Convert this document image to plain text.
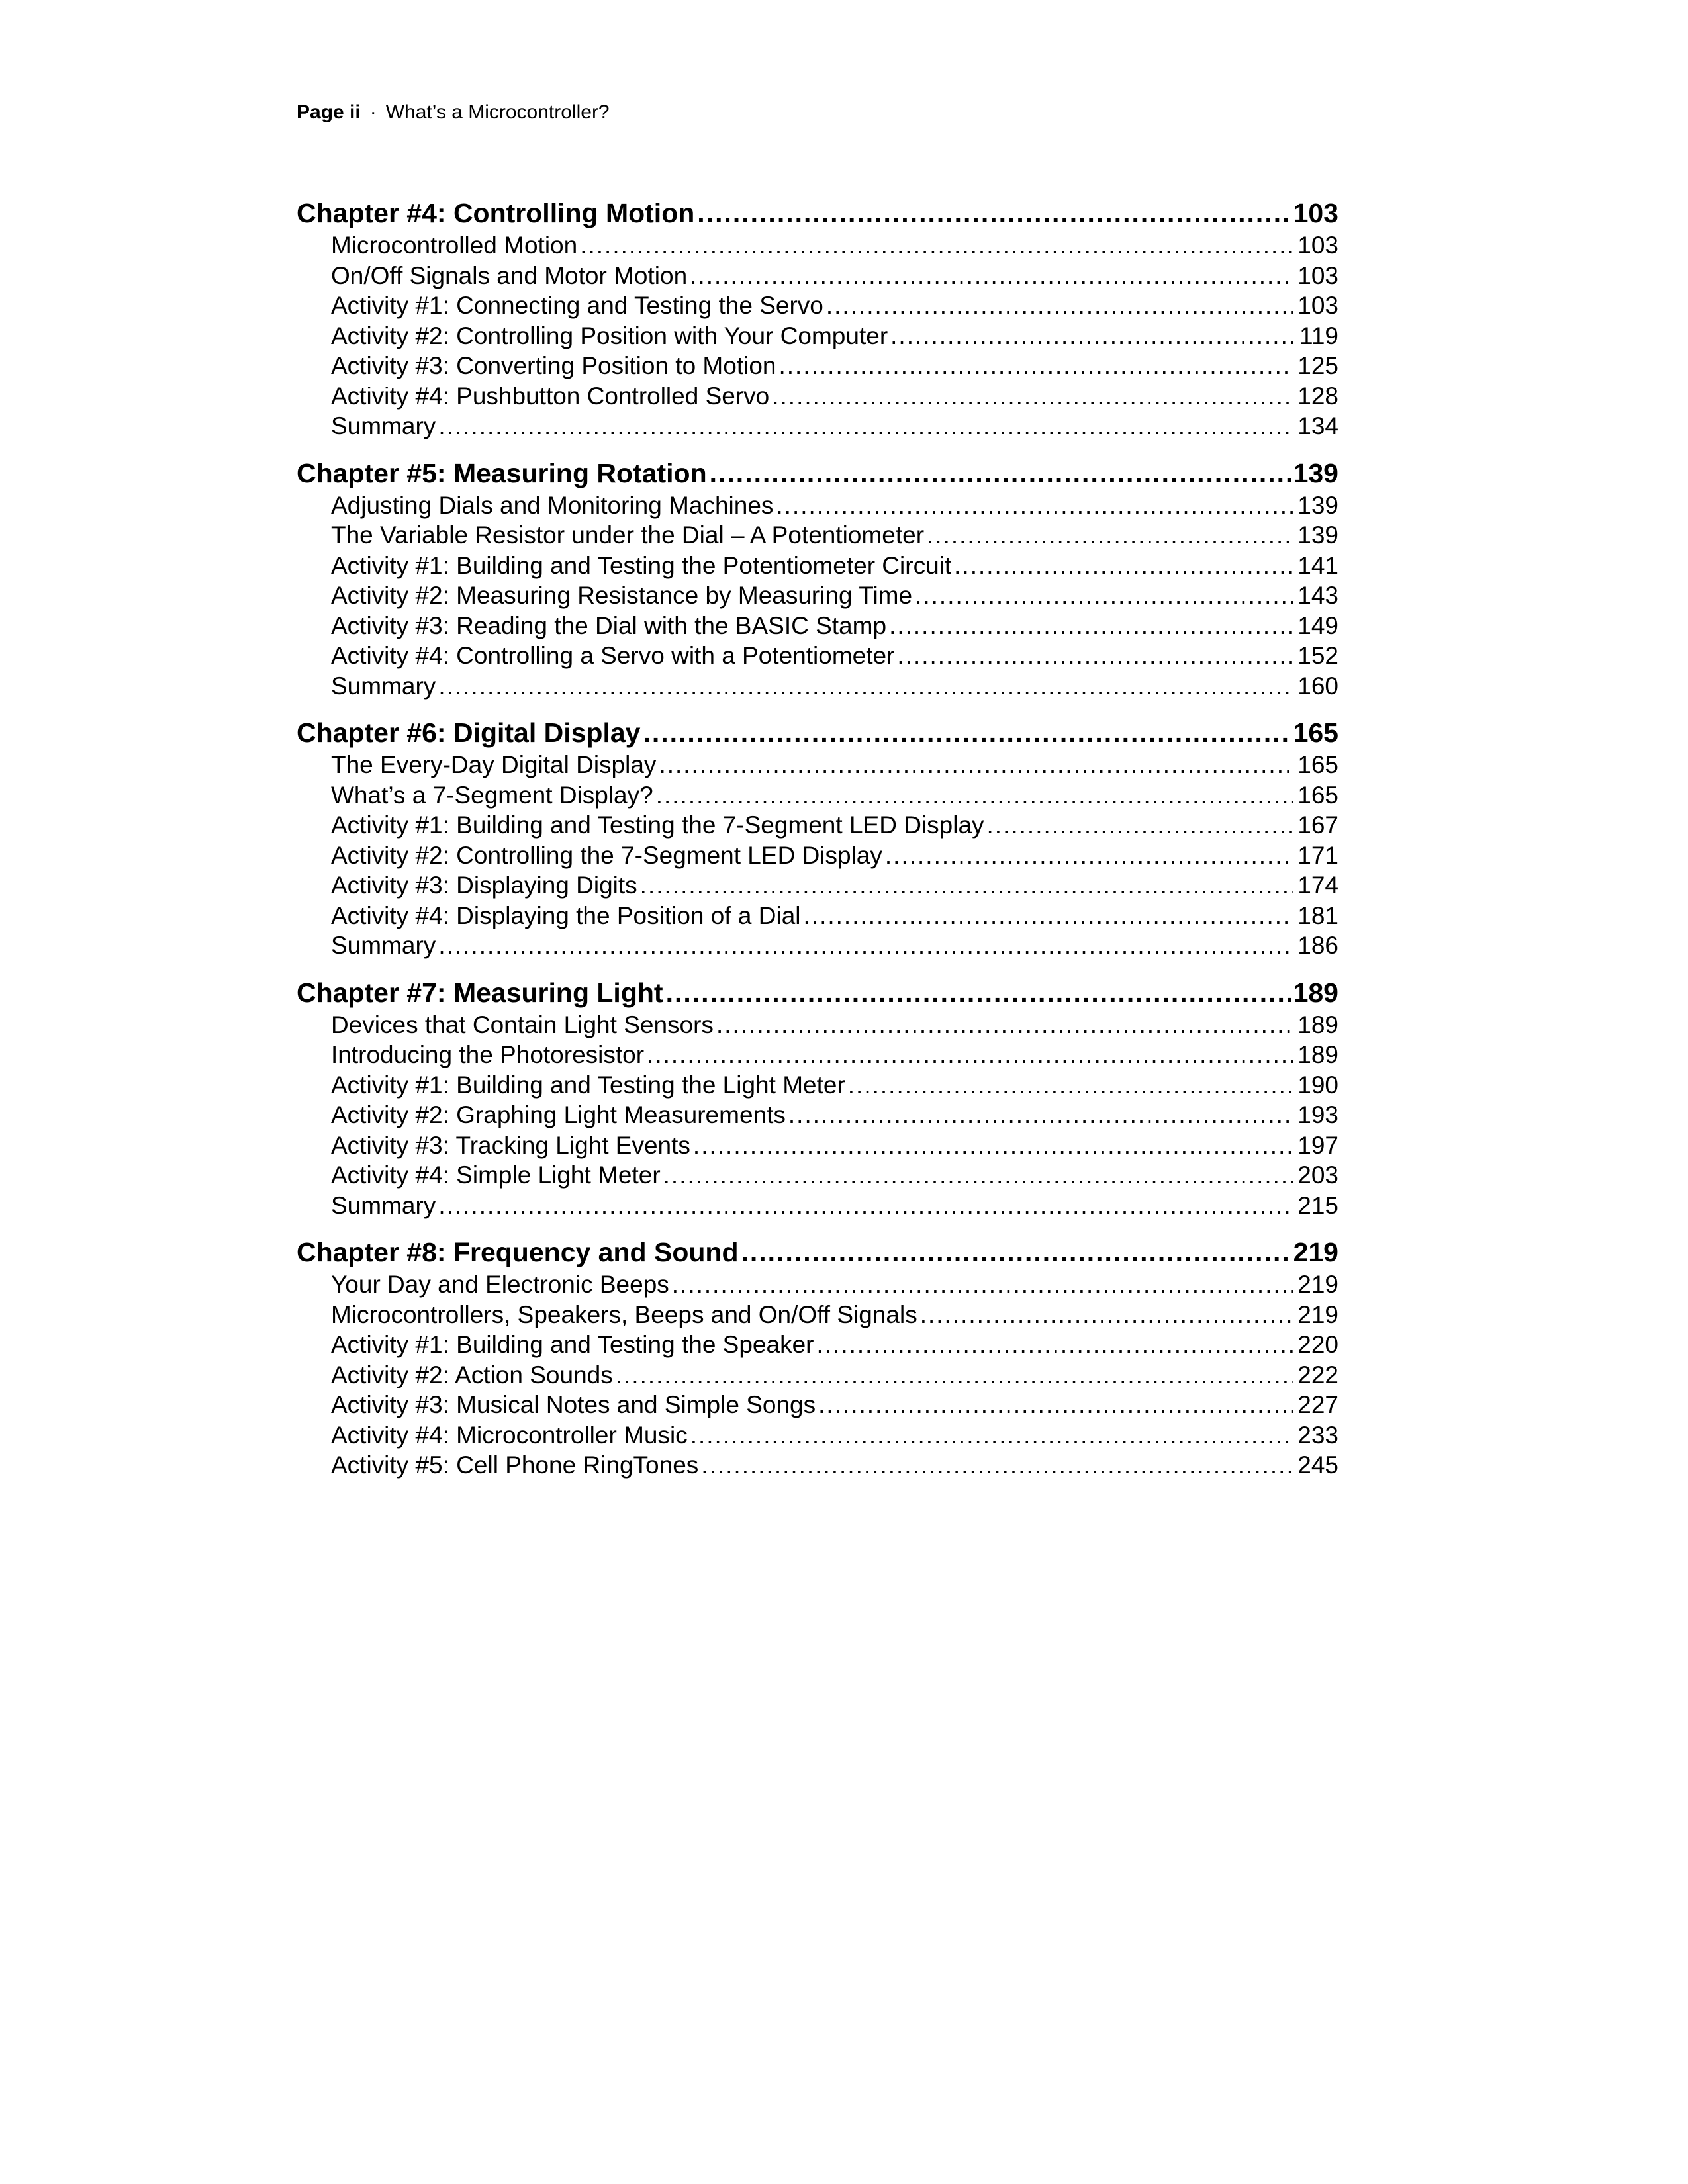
Page ii · What’s a Microcontroller?
Chapter #4: Controlling Motion .....	103
Microcontrolled Motion .....	103
On/Off Signals and Motor Motion .....	103
Activity #1: Connecting and Testing the Servo .....	103
Activity #2: Controlling Position with Your Computer .....	119
Activity #3: Converting Position to Motion .....	125
Activity #4: Pushbutton Controlled Servo .....	128
Summary .....	134
Chapter #5: Measuring Rotation .....	139
Adjusting Dials and Monitoring Machines .....	139
The Variable Resistor under the Dial – A Potentiometer .....	139
Activity #1: Building and Testing the Potentiometer Circuit .....	141
Activity #2: Measuring Resistance by Measuring Time .....	143
Activity #3: Reading the Dial with the BASIC Stamp .....	149
Activity #4: Controlling a Servo with a Potentiometer .....	152
Summary .....	160
Chapter #6: Digital Display .....	165
The Every-Day Digital Display .....	165
What’s a 7-Segment Display? .....	165
Activity #1: Building and Testing the 7-Segment LED Display .....	167
Activity #2: Controlling the 7-Segment LED Display .....	171
Activity #3: Displaying Digits .....	174
Activity #4: Displaying the Position of a Dial .....	181
Summary .....	186
Chapter #7: Measuring Light .....	189
Devices that Contain Light Sensors .....	189
Introducing the Photoresistor .....	189
Activity #1: Building and Testing the Light Meter .....	190
Activity #2: Graphing Light Measurements .....	193
Activity #3: Tracking Light Events .....	197
Activity #4: Simple Light Meter .....	203
Summary .....	215
Chapter #8: Frequency and Sound .....	219
Your Day and Electronic Beeps .....	219
Microcontrollers, Speakers, Beeps and On/Off Signals .....	219
Activity #1: Building and Testing the Speaker .....	220
Activity #2: Action Sounds .....	222
Activity #3: Musical Notes and Simple Songs .....	227
Activity #4: Microcontroller Music .....	233
Activity #5: Cell Phone RingTones .....	245
